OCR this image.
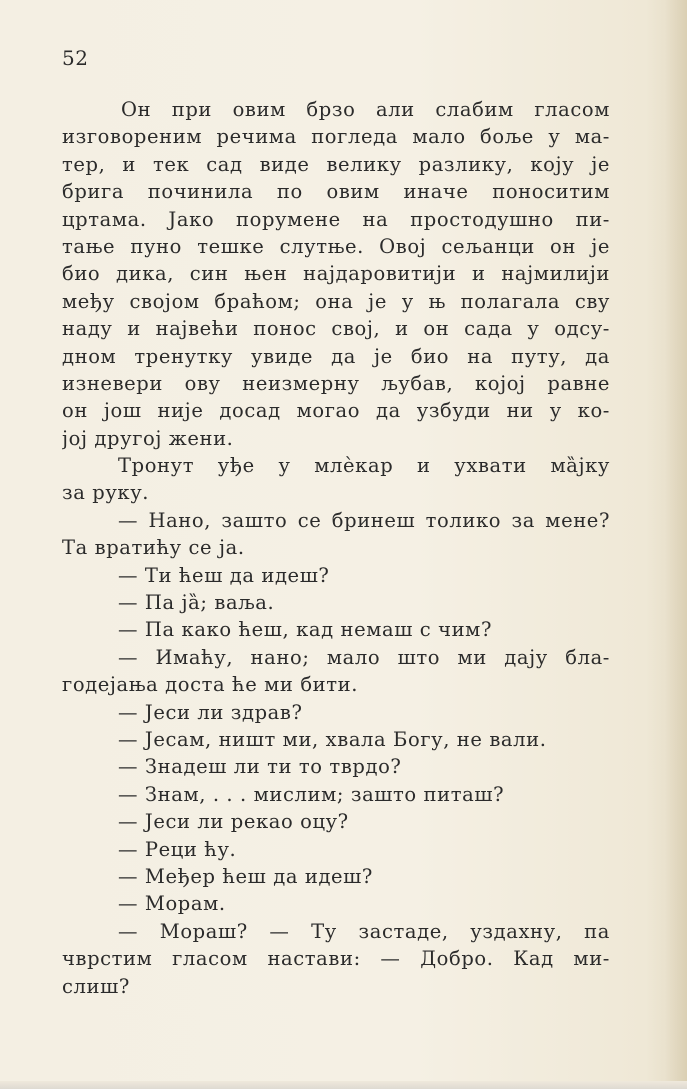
52
Он при овим брзо али слабим гласом
изговореним речима погледа мало боље у ма-
тер, и тек сад виде велику разлику, коју је
брига починила по овим иначе поноситим
цртама. Јако порумене на простодушно пи-
тање пуно тешке слутње. Овој сељанци он је
био дика, син њен најдаровитији и најмилији
међу својом браћом; она је у њ полагала сву
наду и највећи понос свој, и он сада у одсу-
дном тренутку увиде да је био на путу, да
изневери ову неизмерну љубав, којој равне
он још није досад могао да узбуди ни у ко-
јој другој жени.
Тронут уђе у млѐкар и ухвати ма̏јку
за руку.
— Нано, зашто се бринеш толико за мене?
Та вратићу се ја.
— Ти ћеш да идеш?
— Па ја̏; ваља.
— Па како ћеш, кад немаш с чим?
— Имаћу, нано; мало што ми дају бла-
годејања доста ће ми бити.
— Јеси ли здрав?
— Јесам, ништ ми, хвала Богу, не вали.
— Знадеш ли ти то тврдо?
— Знам, . . . мислим; зашто питаш?
— Јеси ли рекао оцу?
— Реци ћу.
— Међер ћеш да идеш?
— Морам.
— Мораш? — Ту застаде, уздахну, па
чврстим гласом настави: — Добро. Кад ми-
слиш?
